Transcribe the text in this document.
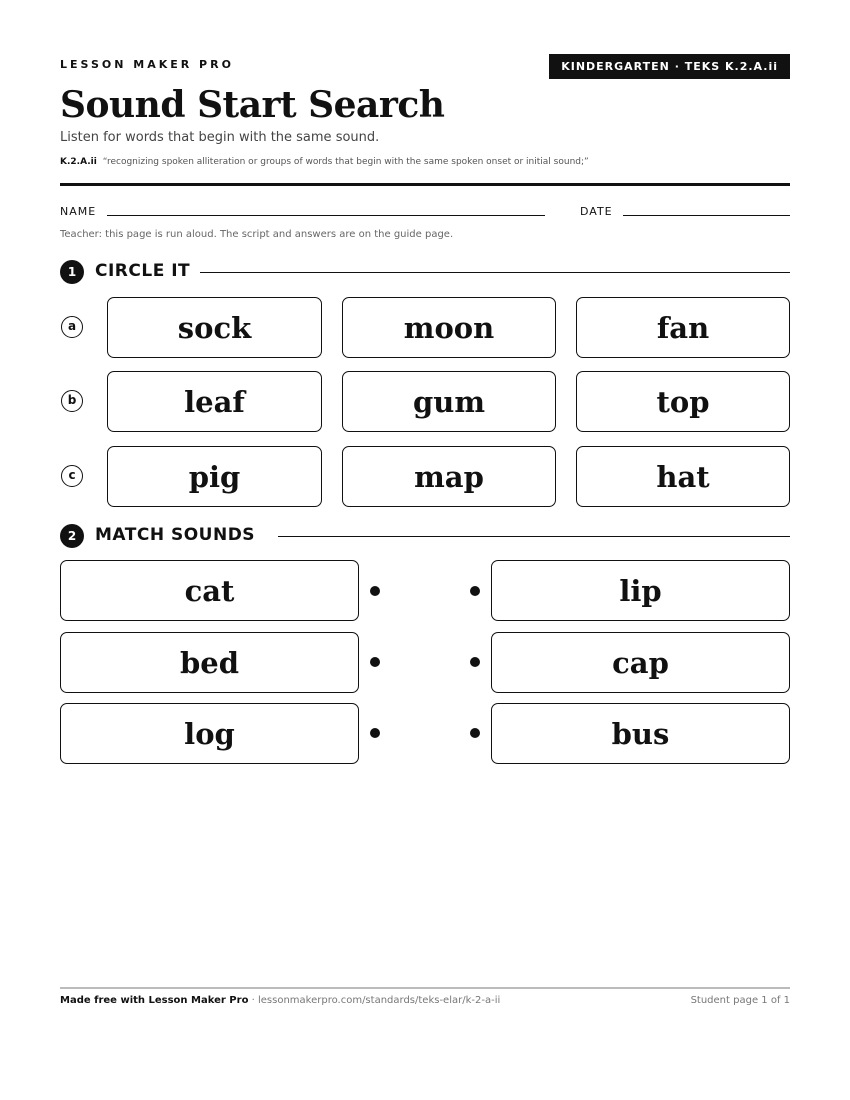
LESSON MAKER PRO	KINDERGARTEN · TEKS K.2.A.ii
Sound Start Search
Listen for words that begin with the same sound.
K.2.A.ii “recognizing spoken alliteration or groups of words that begin with the same spoken onset or initial sound;”
NAME	DATE
Teacher: this page is run aloud. The script and answers are on the guide page.
1	CIRCLE IT
a	sock	moon	fan
b	leaf	gum	top
c	pig	map	hat
2	MATCH SOUNDS
cat	lip
bed	cap
log	bus
Made free with Lesson Maker Pro · lessonmakerpro.com/standards/teks-elar/k-2-a-ii	Student page 1 of 1
